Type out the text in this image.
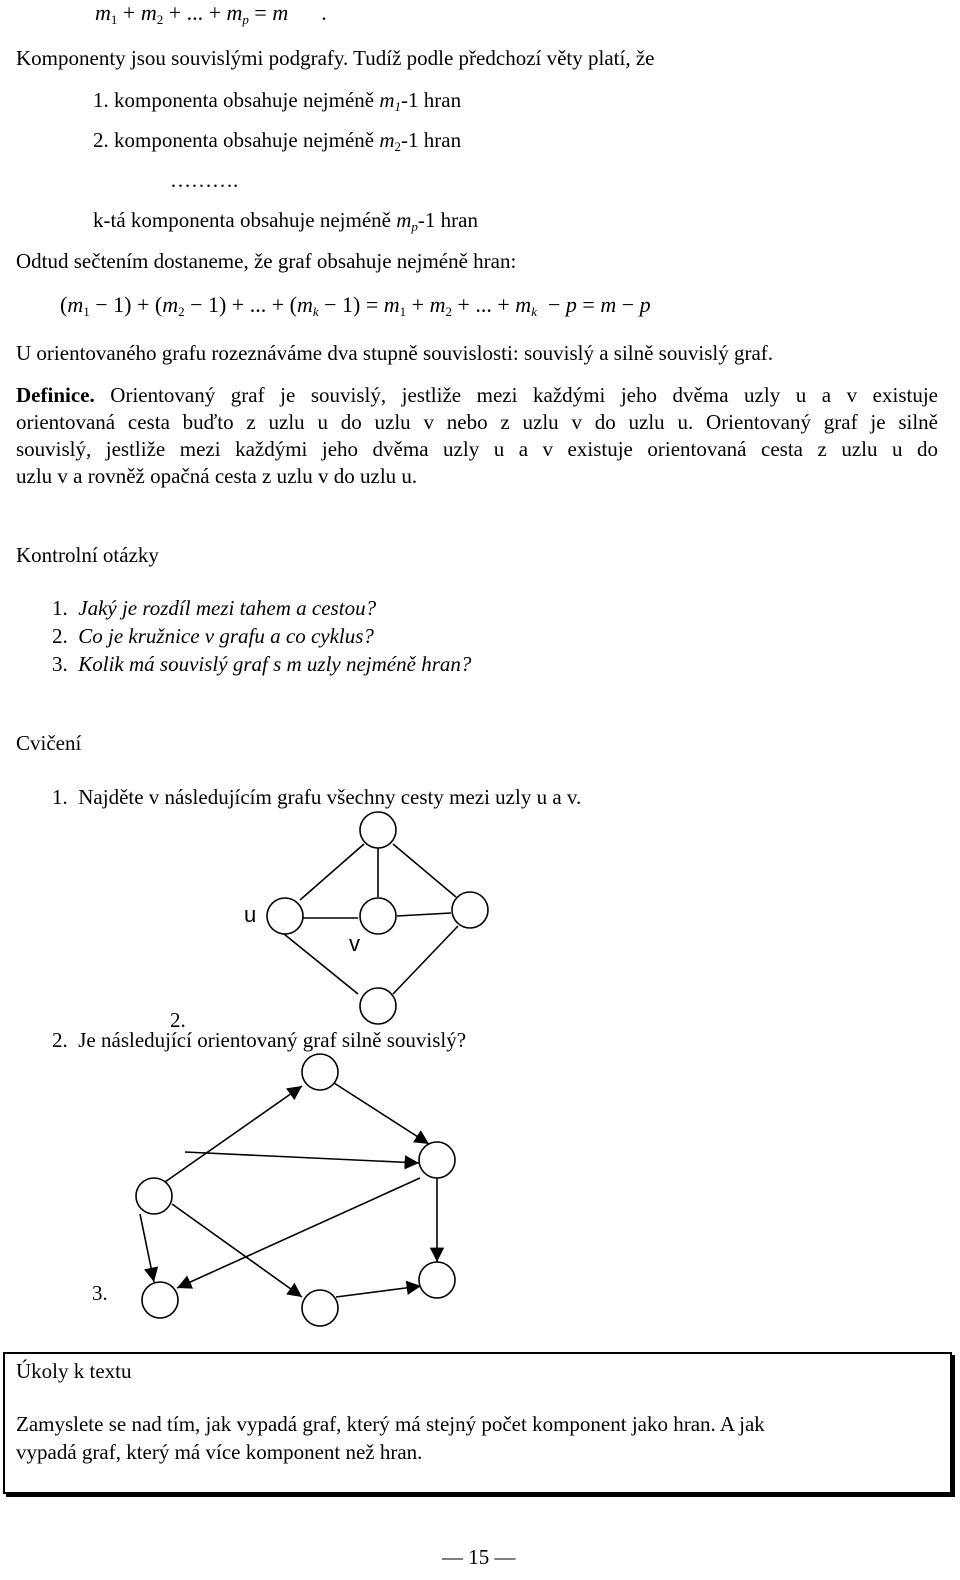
$m_1 + m_2$ + ... + $m_p = m$      .
Komponenty jsou souvislými podgrafy. Tudíž podle předchozí věty platí, že
1. komponenta obsahuje nejméně $m_1-1$ hran
2. komponenta obsahuje nejméně $m_2-1$ hran
……….
k-tá komponenta obsahuje nejméně $m_p-1$ hran
Odtud sečtením dostaneme, že graf obsahuje nejméně hran:
$(m_1 - 1) + (m_2 - 1)$ + ... + $(m_k - 1) = m_1 + m_2$ + ... + $m_k - p = m - p$
U orientovaného grafu rozeznáváme dva stupně souvislosti: souvislý a silně souvislý graf.
Definice. Orientovaný graf je souvislý, jestliže mezi každými jeho dvěma uzly u a v existuje
orientovaná cesta buďto z uzlu u do uzlu v nebo z uzlu v do uzlu u. Orientovaný graf je silně
souvislý, jestliže mezi každými jeho dvěma uzly u a v existuje orientovaná cesta z uzlu u do
uzlu v a rovněž opačná cesta z uzlu v do uzlu u.
Kontrolní otázky
1. Jaký je rozdíl mezi tahem a cestou?
2. Co je kružnice v grafu a co cyklus?
3. Kolik má souvislý graf s m uzly nejméně hran?
Cvičení
1. Najděte v následujícím grafu všechny cesty mezi uzly u a v.
u
v
2.
2. Je následující orientovaný graf silně souvislý?
3.
Úkoly k textu
Zamyslete se nad tím, jak vypadá graf, který má stejný počet komponent jako hran. A jak
vypadá graf, který má více komponent než hran.
— 15 —
